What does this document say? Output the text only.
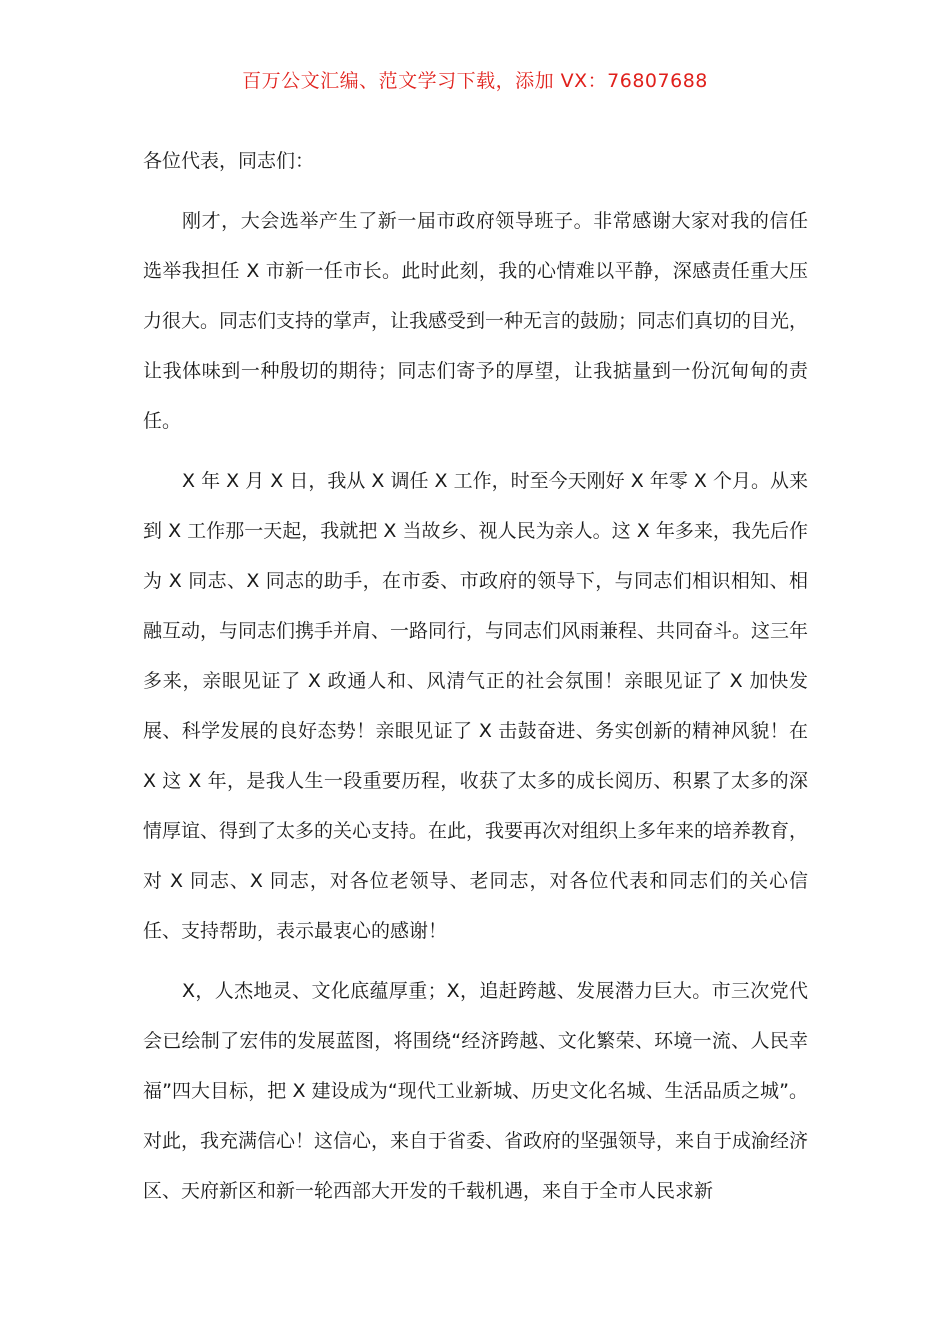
百万公文汇编、范文学习下载，添加 VX：76807688

各位代表，同志们：

刚才，大会选举产生了新一届市政府领导班子。非常感谢大家对我的信任选举我担任 X 市新一任市长。此时此刻，我的心情难以平静，深感责任重大压力很大。同志们支持的掌声，让我感受到一种无言的鼓励；同志们真切的目光，让我体味到一种殷切的期待；同志们寄予的厚望，让我掂量到一份沉甸甸的责任。

X 年 X 月 X 日，我从 X 调任 X 工作，时至今天刚好 X 年零 X 个月。从来到 X 工作那一天起，我就把 X 当故乡、视人民为亲人。这 X 年多来，我先后作为 X 同志、X 同志的助手，在市委、市政府的领导下，与同志们相识相知、相融互动，与同志们携手并肩、一路同行，与同志们风雨兼程、共同奋斗。这三年多来，亲眼见证了 X 政通人和、风清气正的社会氛围！亲眼见证了 X 加快发展、科学发展的良好态势！亲眼见证了 X 击鼓奋进、务实创新的精神风貌！在 X 这 X 年，是我人生一段重要历程，收获了太多的成长阅历、积累了太多的深情厚谊、得到了太多的关心支持。在此，我要再次对组织上多年来的培养教育，对 X 同志、X 同志，对各位老领导、老同志，对各位代表和同志们的关心信任、支持帮助，表示最衷心的感谢！

X，人杰地灵、文化底蕴厚重；X，追赶跨越、发展潜力巨大。市三次党代会已绘制了宏伟的发展蓝图，将围绕“经济跨越、文化繁荣、环境一流、人民幸福”四大目标，把 X 建设成为“现代工业新城、历史文化名城、生活品质之城”。对此，我充满信心！这信心，来自于省委、省政府的坚强领导，来自于成渝经济区、天府新区和新一轮西部大开发的千载机遇，来自于全市人民求新
